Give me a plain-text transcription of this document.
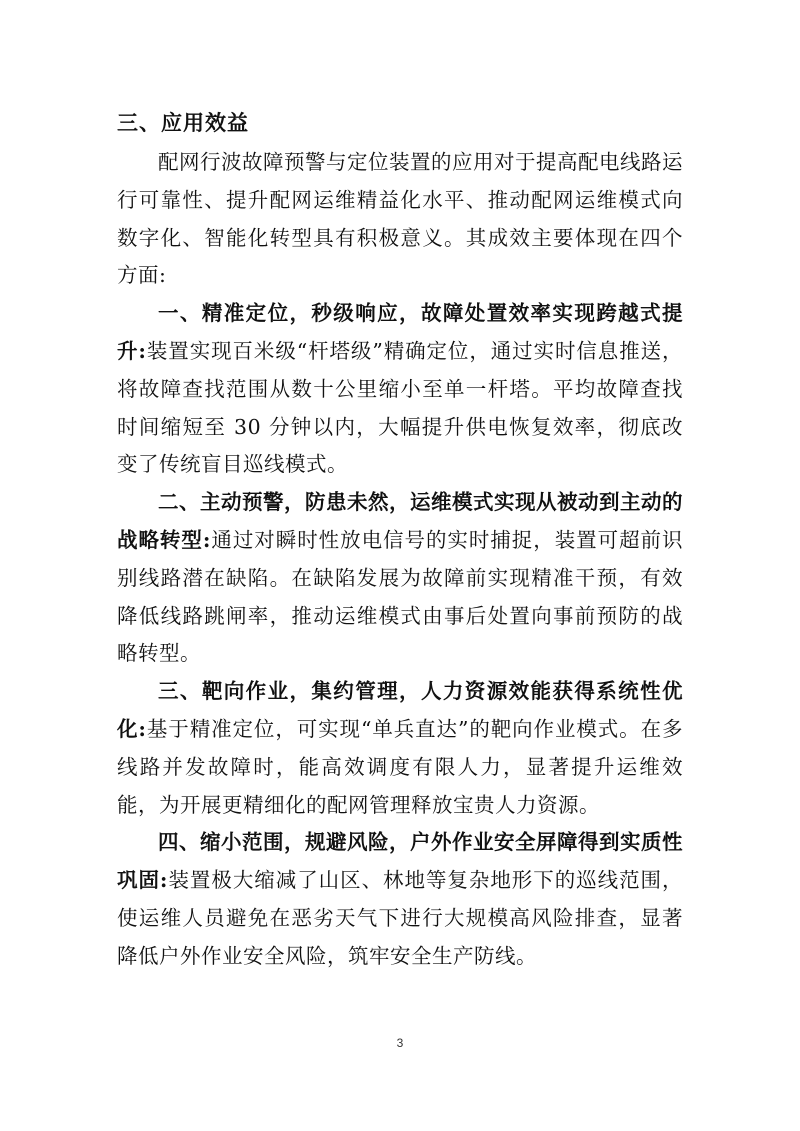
三、应用效益

配网行波故障预警与定位装置的应用对于提高配电线路运行可靠性、提升配网运维精益化水平、推动配网运维模式向数字化、智能化转型具有积极意义。其成效主要体现在四个方面:

一、精准定位，秒级响应，故障处置效率实现跨越式提升:装置实现百米级“杆塔级”精确定位，通过实时信息推送，将故障查找范围从数十公里缩小至单一杆塔。平均故障查找时间缩短至 30 分钟以内，大幅提升供电恢复效率，彻底改变了传统盲目巡线模式。

二、主动预警，防患未然，运维模式实现从被动到主动的战略转型:通过对瞬时性放电信号的实时捕捉，装置可超前识别线路潜在缺陷。在缺陷发展为故障前实现精准干预，有效降低线路跳闸率，推动运维模式由事后处置向事前预防的战略转型。

三、靶向作业，集约管理，人力资源效能获得系统性优化:基于精准定位，可实现“单兵直达”的靶向作业模式。在多线路并发故障时，能高效调度有限人力，显著提升运维效能，为开展更精细化的配网管理释放宝贵人力资源。

四、缩小范围，规避风险，户外作业安全屏障得到实质性巩固:装置极大缩减了山区、林地等复杂地形下的巡线范围，使运维人员避免在恶劣天气下进行大规模高风险排查，显著降低户外作业安全风险，筑牢安全生产防线。

3
